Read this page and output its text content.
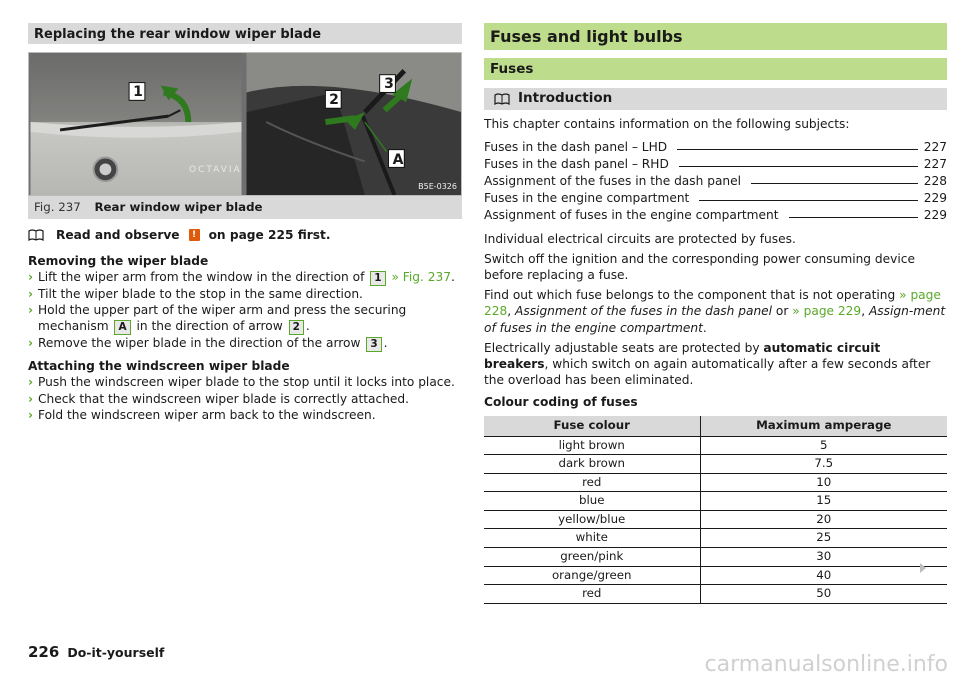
Replacing the rear window wiper blade
1
OCTAVIA
2
3
A
B5E-0326
Fig. 237 Rear window wiper blade
Read and observe	! on page 225 first.
Removing the wiper blade
› Lift the wiper arm from the window in the direction of 1 » Fig. 237.
› Tilt the wiper blade to the stop in the same direction.
› Hold the upper part of the wiper arm and press the securing mechanism A in the direction of arrow 2 .
› Remove the wiper blade in the direction of the arrow 3 .
Attaching the windscreen wiper blade
› Push the windscreen wiper blade to the stop until it locks into place.
› Check that the windscreen wiper blade is correctly attached.
› Fold the windscreen wiper arm back to the windscreen.
Fuses and light bulbs
Fuses
Introduction

This chapter contains information on the following subjects:

Fuses in the dash panel – LHD	227
Fuses in the dash panel – RHD	227
Assignment of the fuses in the dash panel	228
Fuses in the engine compartment	229
Assignment of fuses in the engine compartment	229

Individual electrical circuits are protected by fuses.

Switch off the ignition and the corresponding power consuming device before replacing a fuse.

Find out which fuse belongs to the component that is not operating » page 228, Assignment of the fuses in the dash panel or » page 229, Assign-ment of fuses in the engine compartment.

Electrically adjustable seats are protected by automatic circuit breakers, which switch on again automatically after a few seconds after the overload has been eliminated.

Colour coding of fuses
Fuse colour	Maximum amperage
light brown	5
dark brown	7.5
red	10
blue	15
yellow/blue	20
white	25
green/pink	30
orange/green	40
red	50
226 Do-it-yourself	carmanualsonline.info
